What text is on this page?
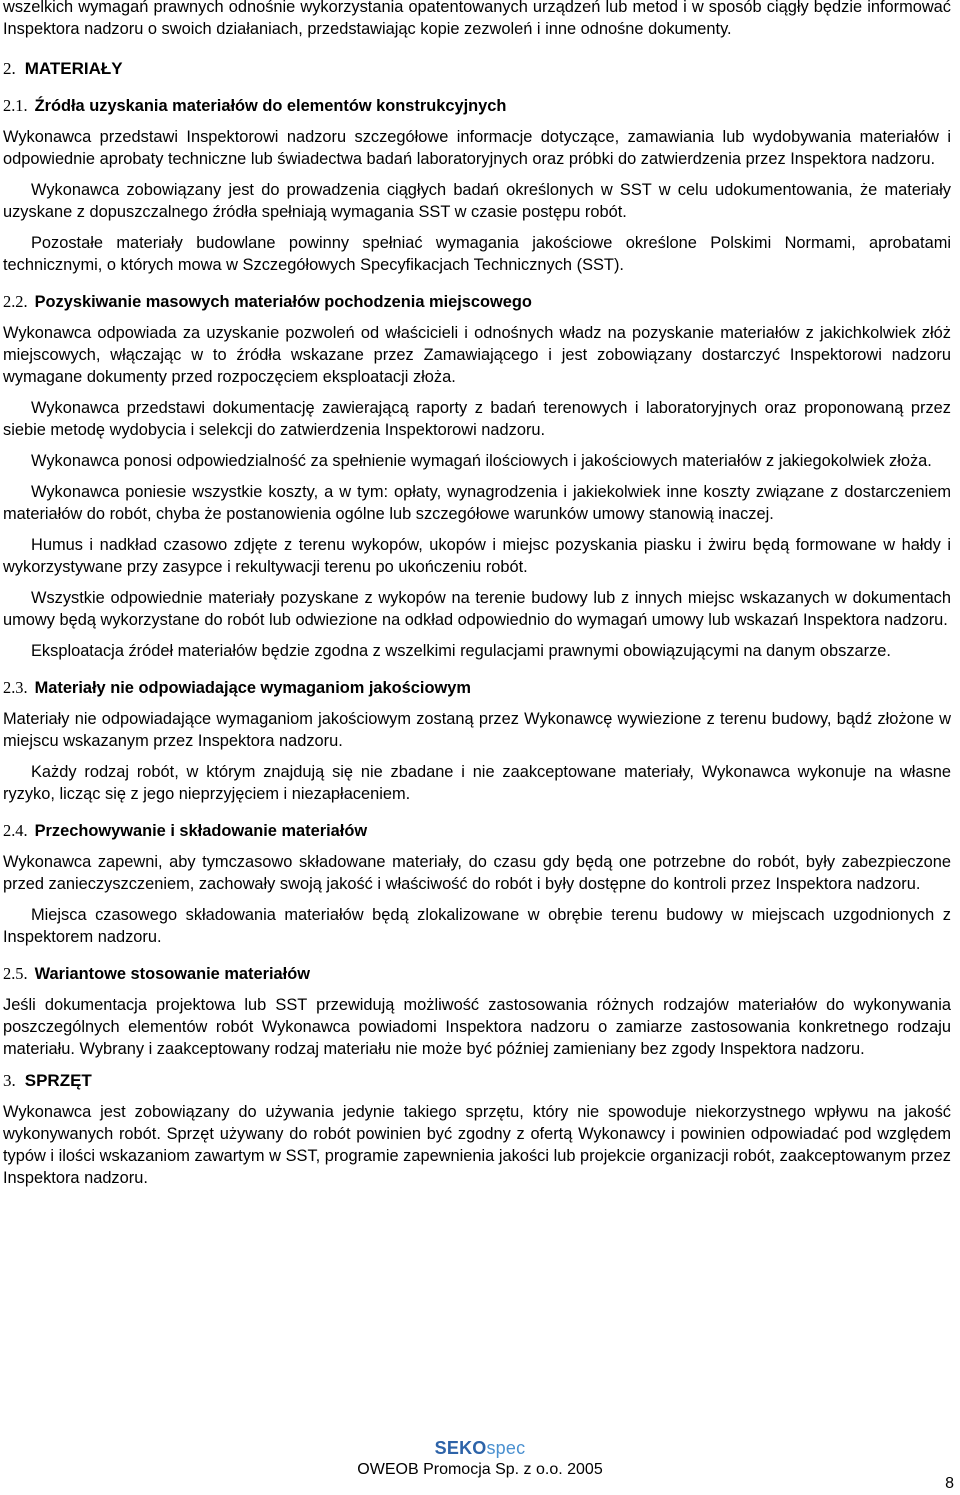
wszelkich wymagań prawnych odnośnie wykorzystania opatentowanych urządzeń lub metod i w sposób ciągły będzie informować Inspektora nadzoru o swoich działaniach, przedstawiając kopie zezwoleń i inne odnośne dokumenty.

2. MATERIAŁY
2.1. Źródła uzyskania materiałów do elementów konstrukcyjnych

Wykonawca przedstawi Inspektorowi nadzoru szczegółowe informacje dotyczące, zamawiania lub wydobywania materiałów i odpowiednie aprobaty techniczne lub świadectwa badań laboratoryjnych oraz próbki do zatwierdzenia przez Inspektora nadzoru.

Wykonawca zobowiązany jest do prowadzenia ciągłych badań określonych w SST w celu udokumentowania, że materiały uzyskane z dopuszczalnego źródła spełniają wymagania SST w czasie postępu robót.

Pozostałe materiały budowlane powinny spełniać wymagania jakościowe określone Polskimi Normami, aprobatami technicznymi, o których mowa w Szczegółowych Specyfikacjach Technicznych (SST).

2.2. Pozyskiwanie masowych materiałów pochodzenia miejscowego

Wykonawca odpowiada za uzyskanie pozwoleń od właścicieli i odnośnych władz na pozyskanie materiałów z jakichkolwiek złóż miejscowych, włączając w to źródła wskazane przez Zamawiającego i jest zobowiązany dostarczyć Inspektorowi nadzoru wymagane dokumenty przed rozpoczęciem eksploatacji złoża.

Wykonawca przedstawi dokumentację zawierającą raporty z badań terenowych i laboratoryjnych oraz proponowaną przez siebie metodę wydobycia i selekcji do zatwierdzenia Inspektorowi nadzoru.

Wykonawca ponosi odpowiedzialność za spełnienie wymagań ilościowych i jakościowych materiałów z jakiegokolwiek złoża.

Wykonawca poniesie wszystkie koszty, a w tym: opłaty, wynagrodzenia i jakiekolwiek inne koszty związane z dostarczeniem materiałów do robót, chyba że postanowienia ogólne lub szczegółowe warunków umowy stanowią inaczej.

Humus i nadkład czasowo zdjęte z terenu wykopów, ukopów i miejsc pozyskania piasku i żwiru będą formowane w hałdy i wykorzystywane przy zasypce i rekultywacji terenu po ukończeniu robót.

Wszystkie odpowiednie materiały pozyskane z wykopów na terenie budowy lub z innych miejsc wskazanych w dokumentach umowy będą wykorzystane do robót lub odwiezione na odkład odpowiednio do wymagań umowy lub wskazań Inspektora nadzoru.

Eksploatacja źródeł materiałów będzie zgodna z wszelkimi regulacjami prawnymi obowiązującymi na danym obszarze.

2.3. Materiały nie odpowiadające wymaganiom jakościowym

Materiały nie odpowiadające wymaganiom jakościowym zostaną przez Wykonawcę wywiezione z terenu budowy, bądź złożone w miejscu wskazanym przez Inspektora nadzoru.

Każdy rodzaj robót, w którym znajdują się nie zbadane i nie zaakceptowane materiały, Wykonawca wykonuje na własne ryzyko, licząc się z jego nieprzyjęciem i niezapłaceniem.

2.4. Przechowywanie i składowanie materiałów

Wykonawca zapewni, aby tymczasowo składowane materiały, do czasu gdy będą one potrzebne do robót, były zabezpieczone przed zanieczyszczeniem, zachowały swoją jakość i właściwość do robót i były dostępne do kontroli przez Inspektora nadzoru.

Miejsca czasowego składowania materiałów będą zlokalizowane w obrębie terenu budowy w miejscach uzgodnionych z Inspektorem nadzoru.

2.5. Wariantowe stosowanie materiałów

Jeśli dokumentacja projektowa lub SST przewidują możliwość zastosowania różnych rodzajów materiałów do wykonywania poszczególnych elementów robót Wykonawca powiadomi Inspektora nadzoru o zamiarze zastosowania konkretnego rodzaju materiału. Wybrany i zaakceptowany rodzaj materiału nie może być później zamieniany bez zgody Inspektora nadzoru.

3. SPRZĘT

Wykonawca jest zobowiązany do używania jedynie takiego sprzętu, który nie spowoduje niekorzystnego wpływu na jakość wykonywanych robót. Sprzęt używany do robót powinien być zgodny z ofertą Wykonawcy i powinien odpowiadać pod względem typów i ilości wskazaniom zawartym w SST, programie zapewnienia jakości lub projekcie organizacji robót, zaakceptowanym przez Inspektora nadzoru.

SEKOspec
OWEOB Promocja Sp. z o.o. 2005
8
